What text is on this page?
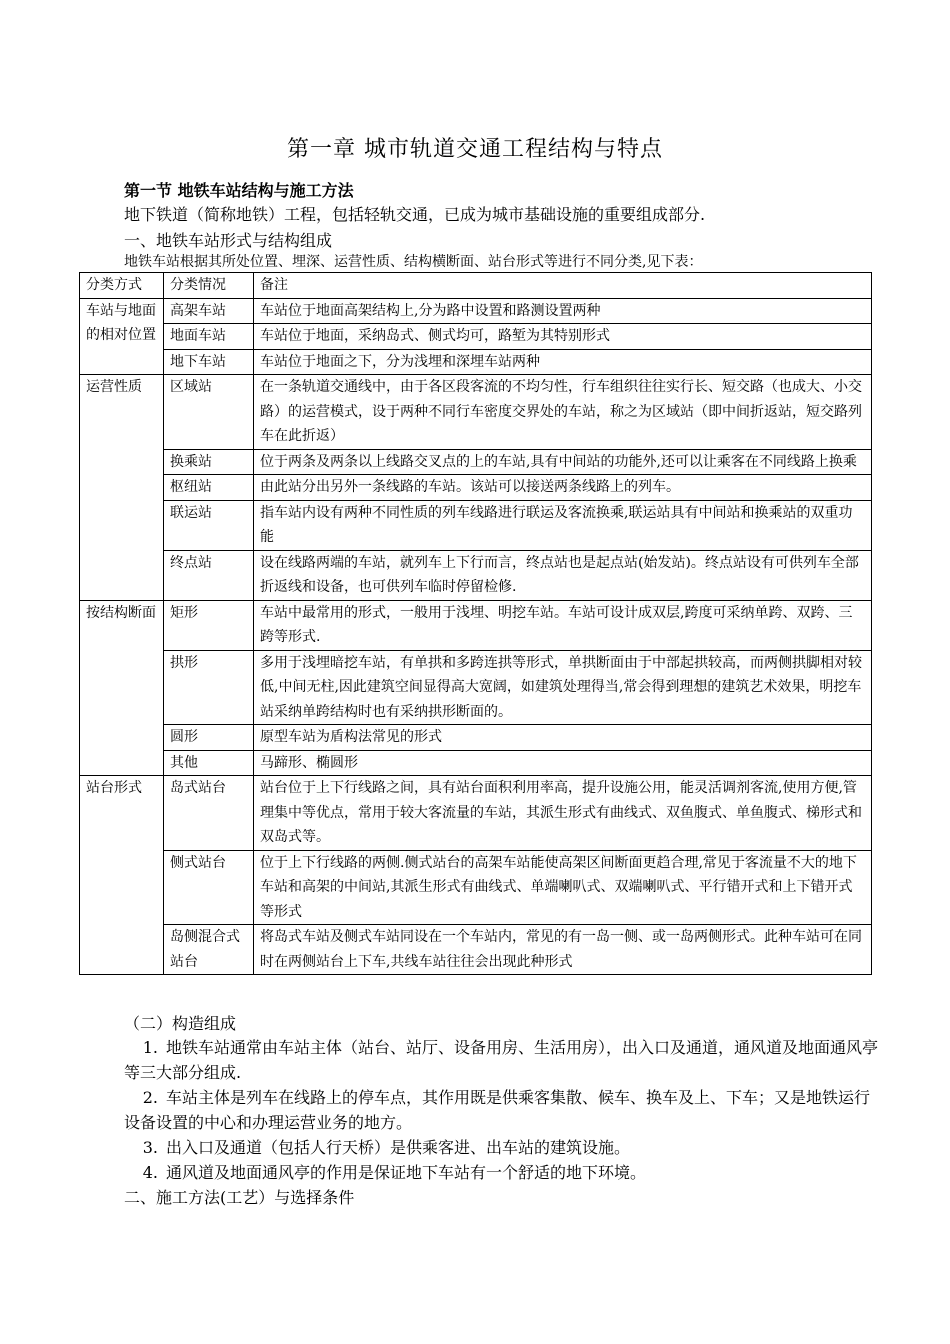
第一章 城市轨道交通工程结构与特点
第一节 地铁车站结构与施工方法
地下铁道（简称地铁）工程，包括轻轨交通，已成为城市基础设施的重要组成部分.
一、地铁车站形式与结构组成
地铁车站根据其所处位置、埋深、运营性质、结构横断面、站台形式等进行不同分类,见下表：
分类方式	分类情况	备注
车站与地面的相对位置	高架车站	车站位于地面高架结构上,分为路中设置和路测设置两种
	地面车站	车站位于地面，采纳岛式、侧式均可，路堑为其特别形式
	地下车站	车站位于地面之下，分为浅埋和深埋车站两种
运营性质	区域站	在一条轨道交通线中，由于各区段客流的不均匀性，行车组织往往实行长、短交路（也成大、小交路）的运营模式，设于两种不同行车密度交界处的车站，称之为区域站（即中间折返站，短交路列车在此折返）
	换乘站	位于两条及两条以上线路交叉点的上的车站,具有中间站的功能外,还可以让乘客在不同线路上换乘
	枢纽站	由此站分出另外一条线路的车站。该站可以接送两条线路上的列车。
	联运站	指车站内设有两种不同性质的列车线路进行联运及客流换乘,联运站具有中间站和换乘站的双重功能
	终点站	设在线路两端的车站，就列车上下行而言，终点站也是起点站(始发站)。终点站设有可供列车全部折返线和设备，也可供列车临时停留检修.
按结构断面	矩形	车站中最常用的形式，一般用于浅埋、明挖车站。车站可设计成双层,跨度可采纳单跨、双跨、三跨等形式.
	拱形	多用于浅埋暗挖车站，有单拱和多跨连拱等形式，单拱断面由于中部起拱较高，而两侧拱脚相对较低,中间无柱,因此建筑空间显得高大宽阔，如建筑处理得当,常会得到理想的建筑艺术效果，明挖车站采纳单跨结构时也有采纳拱形断面的。
	圆形	原型车站为盾构法常见的形式
	其他	马蹄形、椭圆形
站台形式	岛式站台	站台位于上下行线路之间，具有站台面积利用率高，提升设施公用，能灵活调剂客流,使用方便,管理集中等优点，常用于较大客流量的车站，其派生形式有曲线式、双鱼腹式、单鱼腹式、梯形式和双岛式等。
	侧式站台	位于上下行线路的两侧.侧式站台的高架车站能使高架区间断面更趋合理,常见于客流量不大的地下车站和高架的中间站,其派生形式有曲线式、单端喇叭式、双端喇叭式、平行错开式和上下错开式等形式
	岛侧混合式站台	将岛式车站及侧式车站同设在一个车站内，常见的有一岛一侧、或一岛两侧形式。此种车站可在同时在两侧站台上下车,共线车站往往会出现此种形式
（二）构造组成
1. 地铁车站通常由车站主体（站台、站厅、设备用房、生活用房），出入口及通道，通风道及地面通风亭等三大部分组成.
2. 车站主体是列车在线路上的停车点，其作用既是供乘客集散、候车、换车及上、下车；又是地铁运行设备设置的中心和办理运营业务的地方。
3. 出入口及通道（包括人行天桥）是供乘客进、出车站的建筑设施。
4. 通风道及地面通风亭的作用是保证地下车站有一个舒适的地下环境。
二、施工方法(工艺）与选择条件
